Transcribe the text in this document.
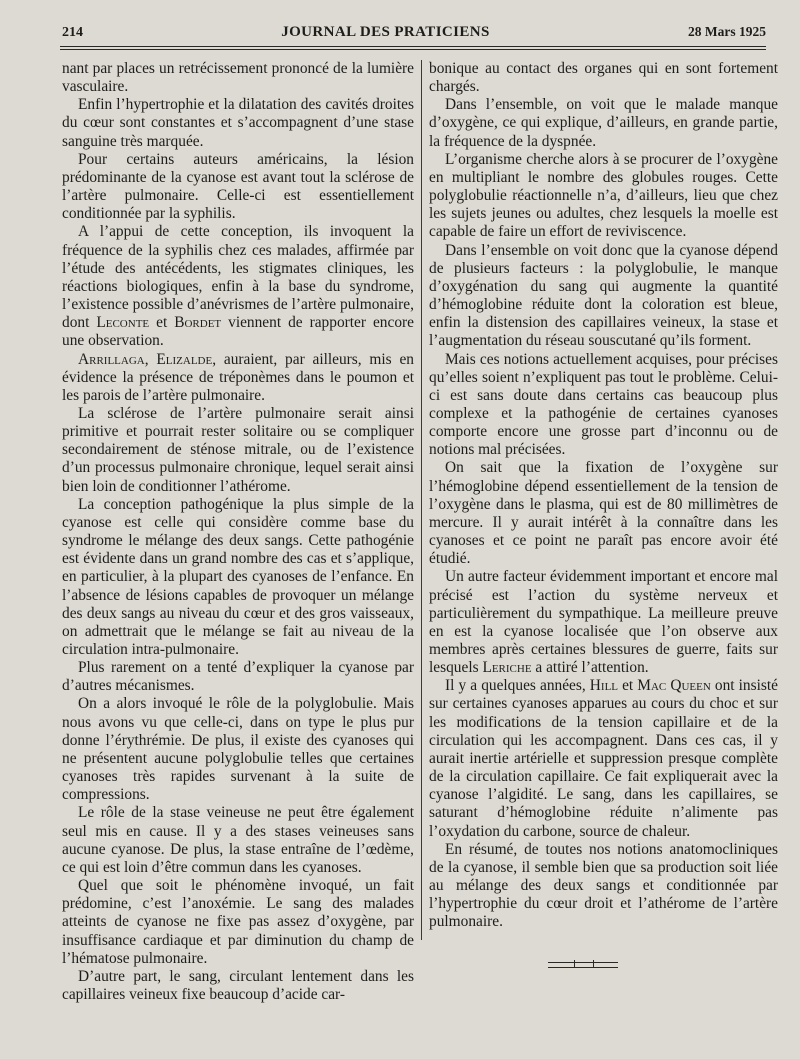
214	JOURNAL DES PRATICIENS	28 Mars 1925

nant par places un retrécissement prononcé de la lumière vasculaire.

Enfin l’hypertrophie et la dilatation des cavités droites du cœur sont constantes et s’accompagnent d’une stase sanguine très marquée.

Pour certains auteurs américains, la lésion prédominante de la cyanose est avant tout la sclérose de l’artère pulmonaire. Celle-ci est essentiellement conditionnée par la syphilis.

A l’appui de cette conception, ils invoquent la fréquence de la syphilis chez ces malades, affirmée par l’étude des antécédents, les stigmates cliniques, les réactions biologiques, enfin à la base du syndrome, l’existence possible d’anévrismes de l’artère pulmonaire, dont Leconte et Bordet viennent de rapporter encore une observation.

Arrillaga, Elizalde, auraient, par ailleurs, mis en évidence la présence de tréponèmes dans le poumon et les parois de l’artère pulmonaire.

La sclérose de l’artère pulmonaire serait ainsi primitive et pourrait rester solitaire ou se compliquer secondairement de sténose mitrale, ou de l’existence d’un processus pulmonaire chronique, lequel serait ainsi bien loin de conditionner l’athérome.

La conception pathogénique la plus simple de la cyanose est celle qui considère comme base du syndrome le mélange des deux sangs. Cette pathogénie est évidente dans un grand nombre des cas et s’applique, en particulier, à la plupart des cyanoses de l’enfance. En l’absence de lésions capables de provoquer un mélange des deux sangs au niveau du cœur et des gros vaisseaux, on admettrait que le mélange se fait au niveau de la circulation intra-pulmonaire.

Plus rarement on a tenté d’expliquer la cyanose par d’autres mécanismes.

On a alors invoqué le rôle de la polyglobulie. Mais nous avons vu que celle-ci, dans on type le plus pur donne l’érythrémie. De plus, il existe des cyanoses qui ne présentent aucune polyglobulie telles que certaines cyanoses très rapides survenant à la suite de compressions.

Le rôle de la stase veineuse ne peut être également seul mis en cause. Il y a des stases veineuses sans aucune cyanose. De plus, la stase entraîne de l’œdème, ce qui est loin d’être commun dans les cyanoses.

Quel que soit le phénomène invoqué, un fait prédomine, c’est l’anoxémie. Le sang des malades atteints de cyanose ne fixe pas assez d’oxygène, par insuffisance cardiaque et par diminution du champ de l’hématose pulmonaire.

D’autre part, le sang, circulant lentement dans les capillaires veineux fixe beaucoup d’acide car-

bonique au contact des organes qui en sont fortement chargés.

Dans l’ensemble, on voit que le malade manque d’oxygène, ce qui explique, d’ailleurs, en grande partie, la fréquence de la dyspnée.

L’organisme cherche alors à se procurer de l’oxygène en multipliant le nombre des globules rouges. Cette polyglobulie réactionnelle n’a, d’ailleurs, lieu que chez les sujets jeunes ou adultes, chez lesquels la moelle est capable de faire un effort de reviviscence.

Dans l’ensemble on voit donc que la cyanose dépend de plusieurs facteurs : la polyglobulie, le manque d’oxygénation du sang qui augmente la quantité d’hémoglobine réduite dont la coloration est bleue, enfin la distension des capillaires veineux, la stase et l’augmentation du réseau souscutané qu’ils forment.

Mais ces notions actuellement acquises, pour précises qu’elles soient n’expliquent pas tout le problème. Celui-ci est sans doute dans certains cas beaucoup plus complexe et la pathogénie de certaines cyanoses comporte encore une grosse part d’inconnu ou de notions mal précisées.

On sait que la fixation de l’oxygène sur l’hémoglobine dépend essentiellement de la tension de l’oxygène dans le plasma, qui est de 80 millimètres de mercure. Il y aurait intérêt à la connaître dans les cyanoses et ce point ne paraît pas encore avoir été étudié.

Un autre facteur évidemment important et encore mal précisé est l’action du système nerveux et particulièrement du sympathique. La meilleure preuve en est la cyanose localisée que l’on observe aux membres après certaines blessures de guerre, faits sur lesquels Leriche a attiré l’attention.

Il y a quelques années, Hill et Mac Queen ont insisté sur certaines cyanoses apparues au cours du choc et sur les modifications de la tension capillaire et de la circulation qui les accompagnent. Dans ces cas, il y aurait inertie artérielle et suppression presque complète de la circulation capillaire. Ce fait expliquerait avec la cyanose l’algidité. Le sang, dans les capillaires, se saturant d’hémoglobine réduite n’alimente pas l’oxydation du carbone, source de chaleur.

En résumé, de toutes nos notions anatomocliniques de la cyanose, il semble bien que sa production soit liée au mélange des deux sangs et conditionnée par l’hypertrophie du cœur droit et l’athérome de l’artère pulmonaire.
